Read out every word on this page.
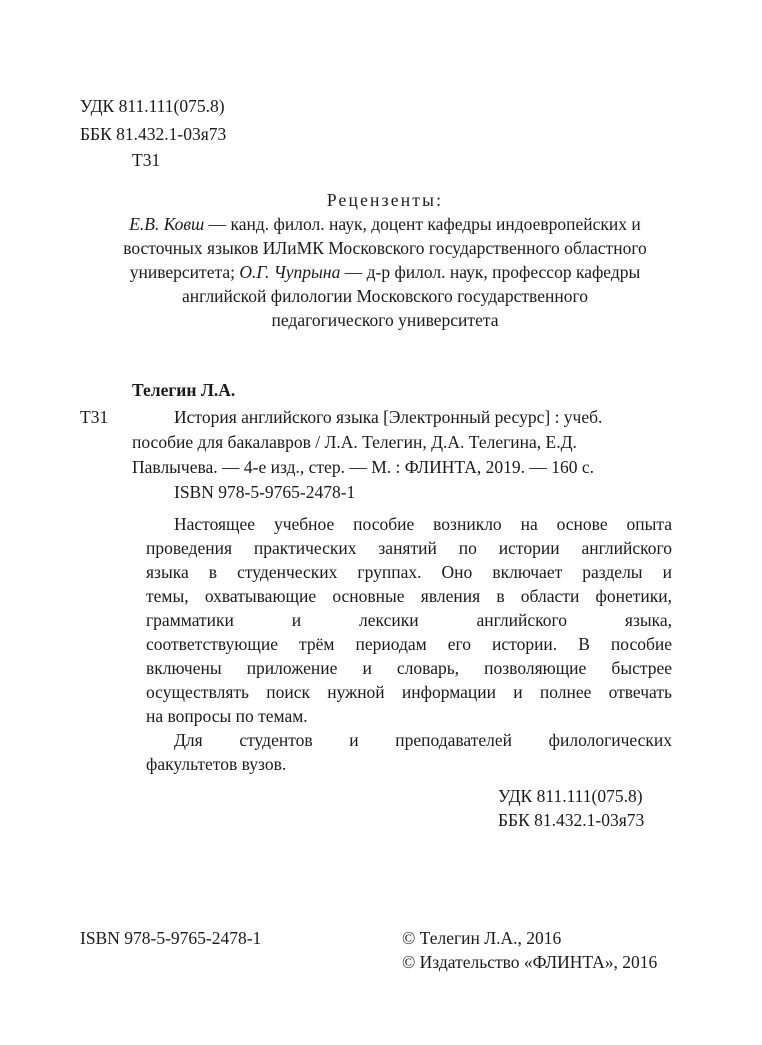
УДК 811.111(075.8)
ББК 81.432.1-03я73
Т31
Рецензенты:
Е.В. Ковш — канд. филол. наук, доцент кафедры индоевропейских и
восточных языков ИЛиМК Московского государственного областного
университета; О.Г. Чупрына — д-р филол. наук, профессор кафедры
английской филологии Московского государственного
педагогического университета
Телегин Л.А.
Т31	История английского языка [Электронный ресурс] : учеб.
пособие для бакалавров / Л.А. Телегин, Д.А. Телегина, Е.Д.
Павлычева. — 4-е изд., стер. — М. : ФЛИНТА, 2019. — 160 с.
ISBN 978-5-9765-2478-1
Настоящее учебное пособие возникло на основе опыта
проведения практических занятий по истории английского
языка в студенческих группах. Оно включает разделы и
темы, охватывающие основные явления в области фонетики,
грамматики и лексики английского языка,
соответствующие трём периодам его истории. В пособие
включены приложение и словарь, позволяющие быстрее
осуществлять поиск нужной информации и полнее отвечать
на вопросы по темам.
Для студентов и преподавателей филологических
факультетов вузов.
УДК 811.111(075.8)
ББК 81.432.1-03я73
ISBN 978-5-9765-2478-1	© Телегин Л.А., 2016
© Издательство «ФЛИНТА», 2016
